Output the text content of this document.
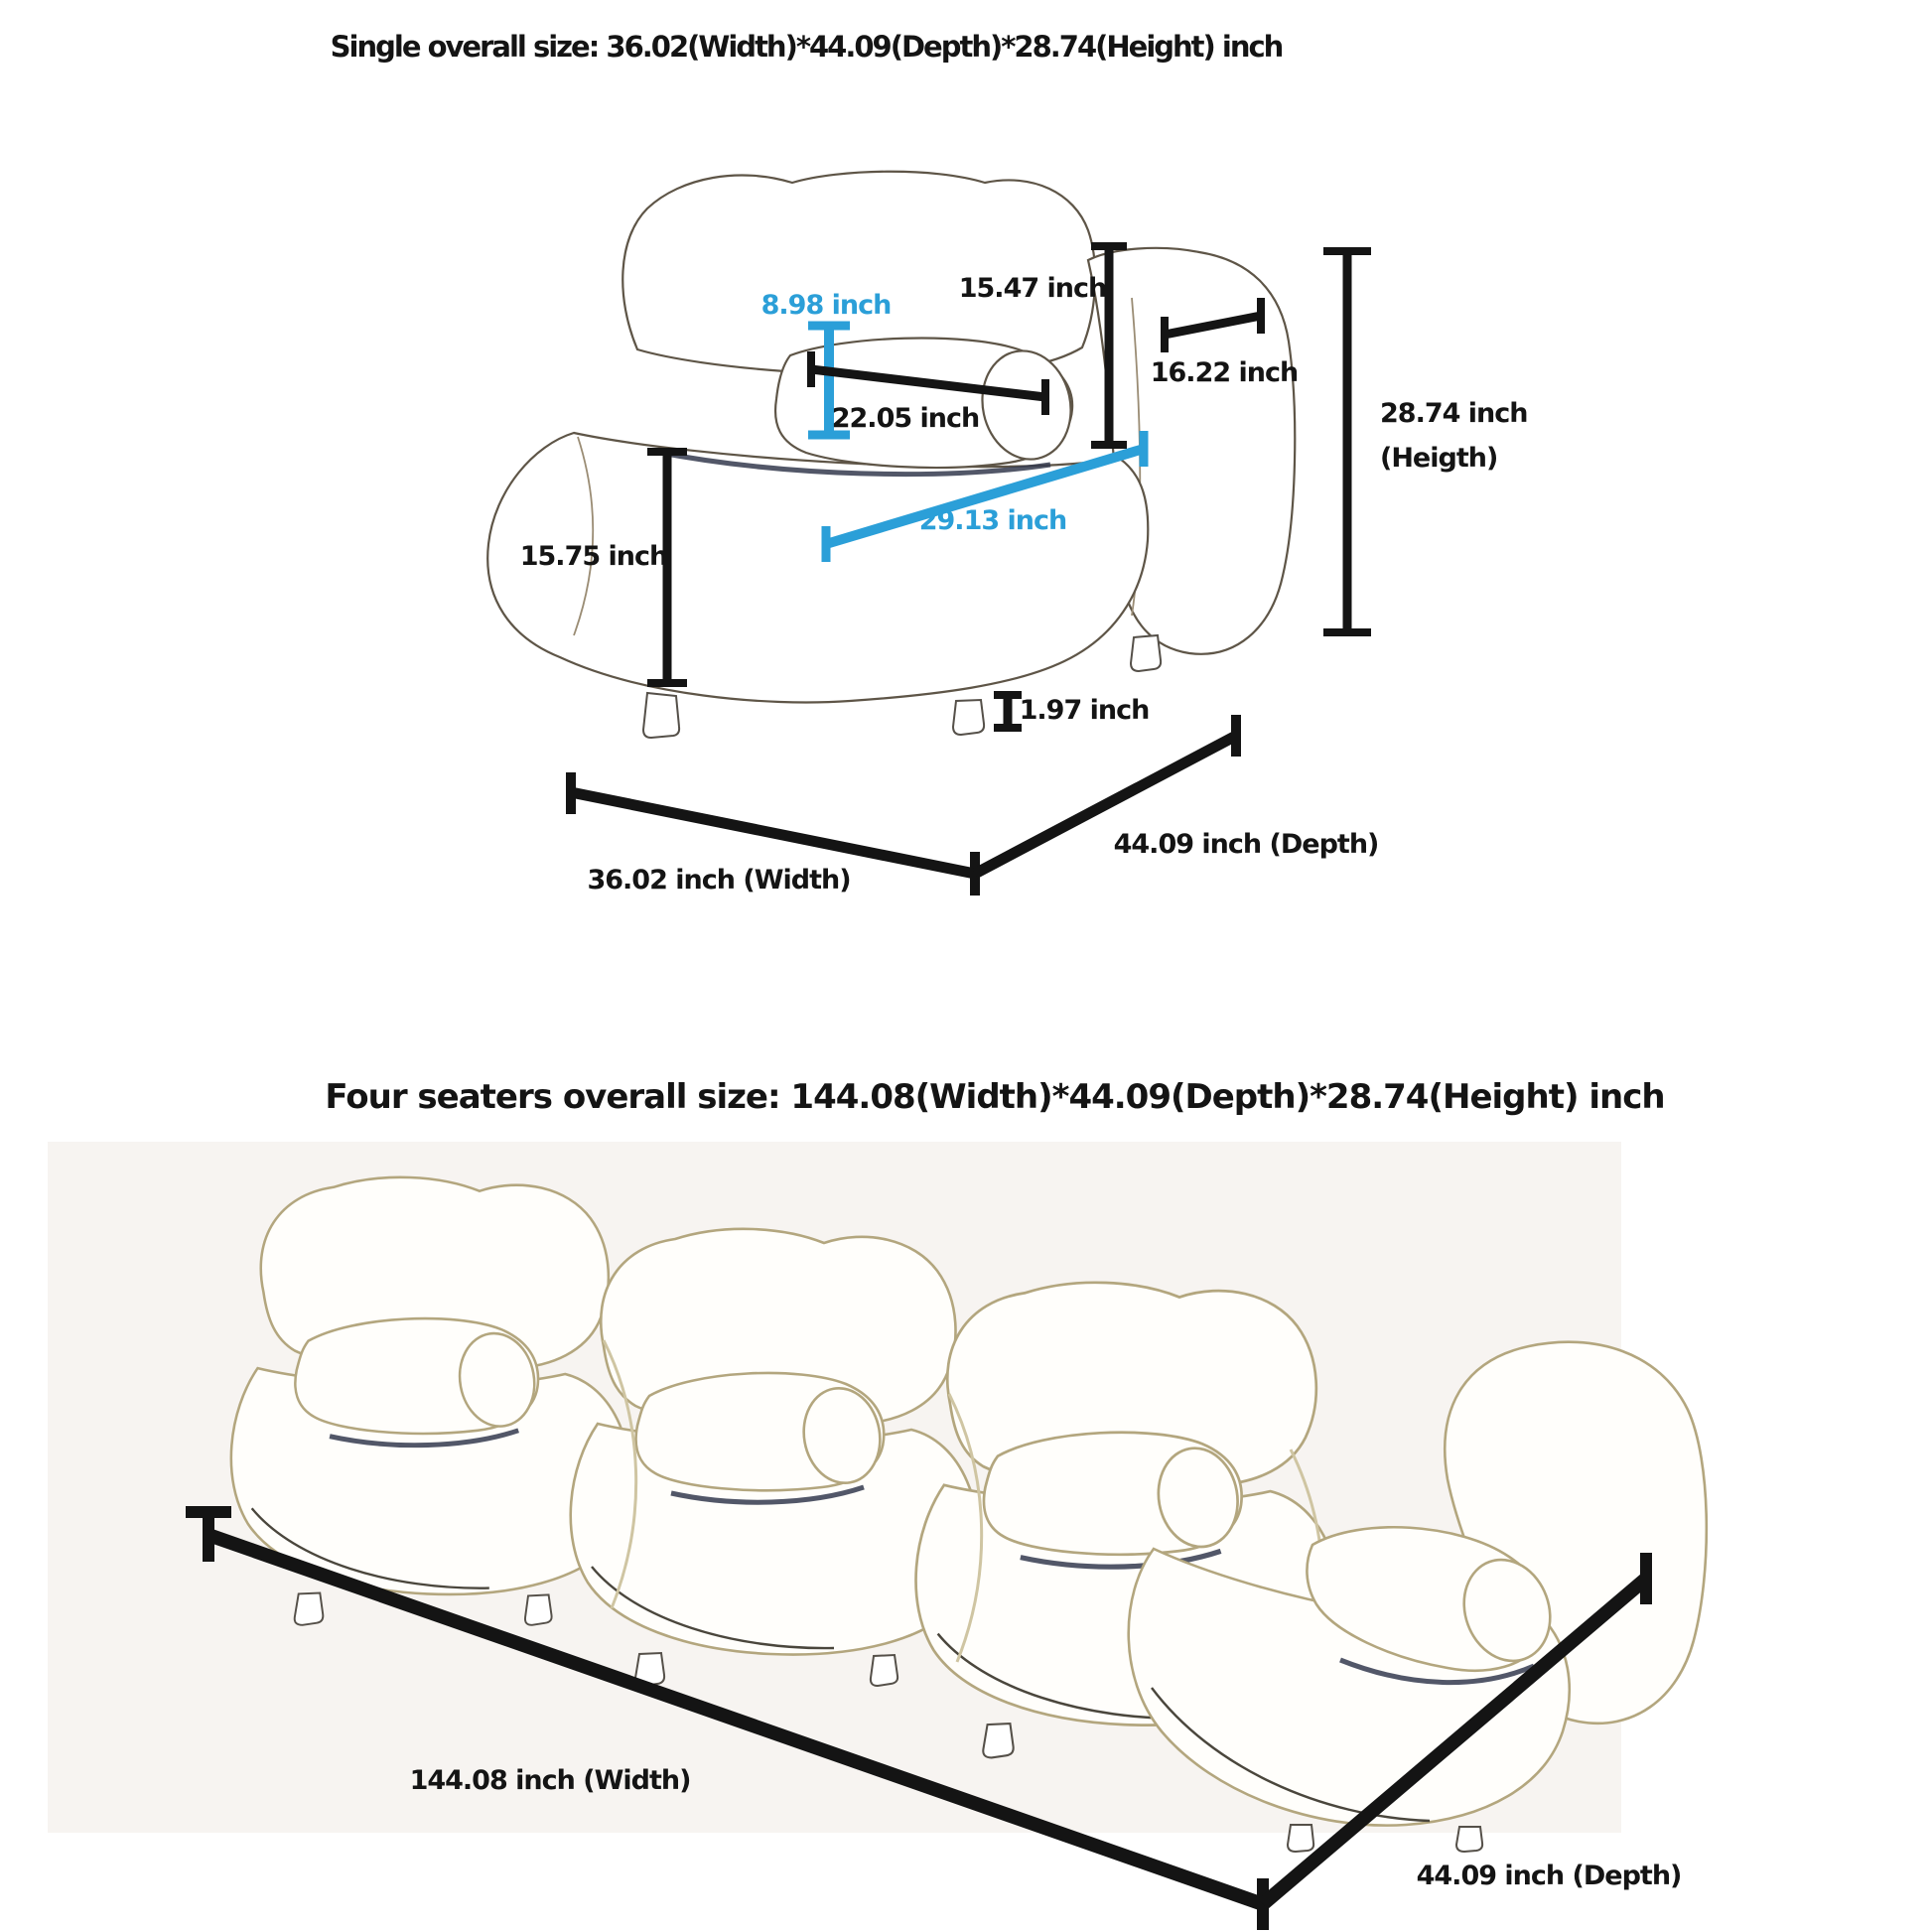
Single overall size: 36.02(Width)*44.09(Depth)*28.74(Height) inch
8.98 inch
15.47 inch
16.22 inch
22.05 inch
29.13 inch
15.75 inch
1.97 inch
28.74 inch
(Heigth)
36.02 inch (Width)
44.09 inch (Depth)
Four seaters overall size: 144.08(Width)*44.09(Depth)*28.74(Height) inch
144.08 inch (Width)
44.09 inch (Depth)
